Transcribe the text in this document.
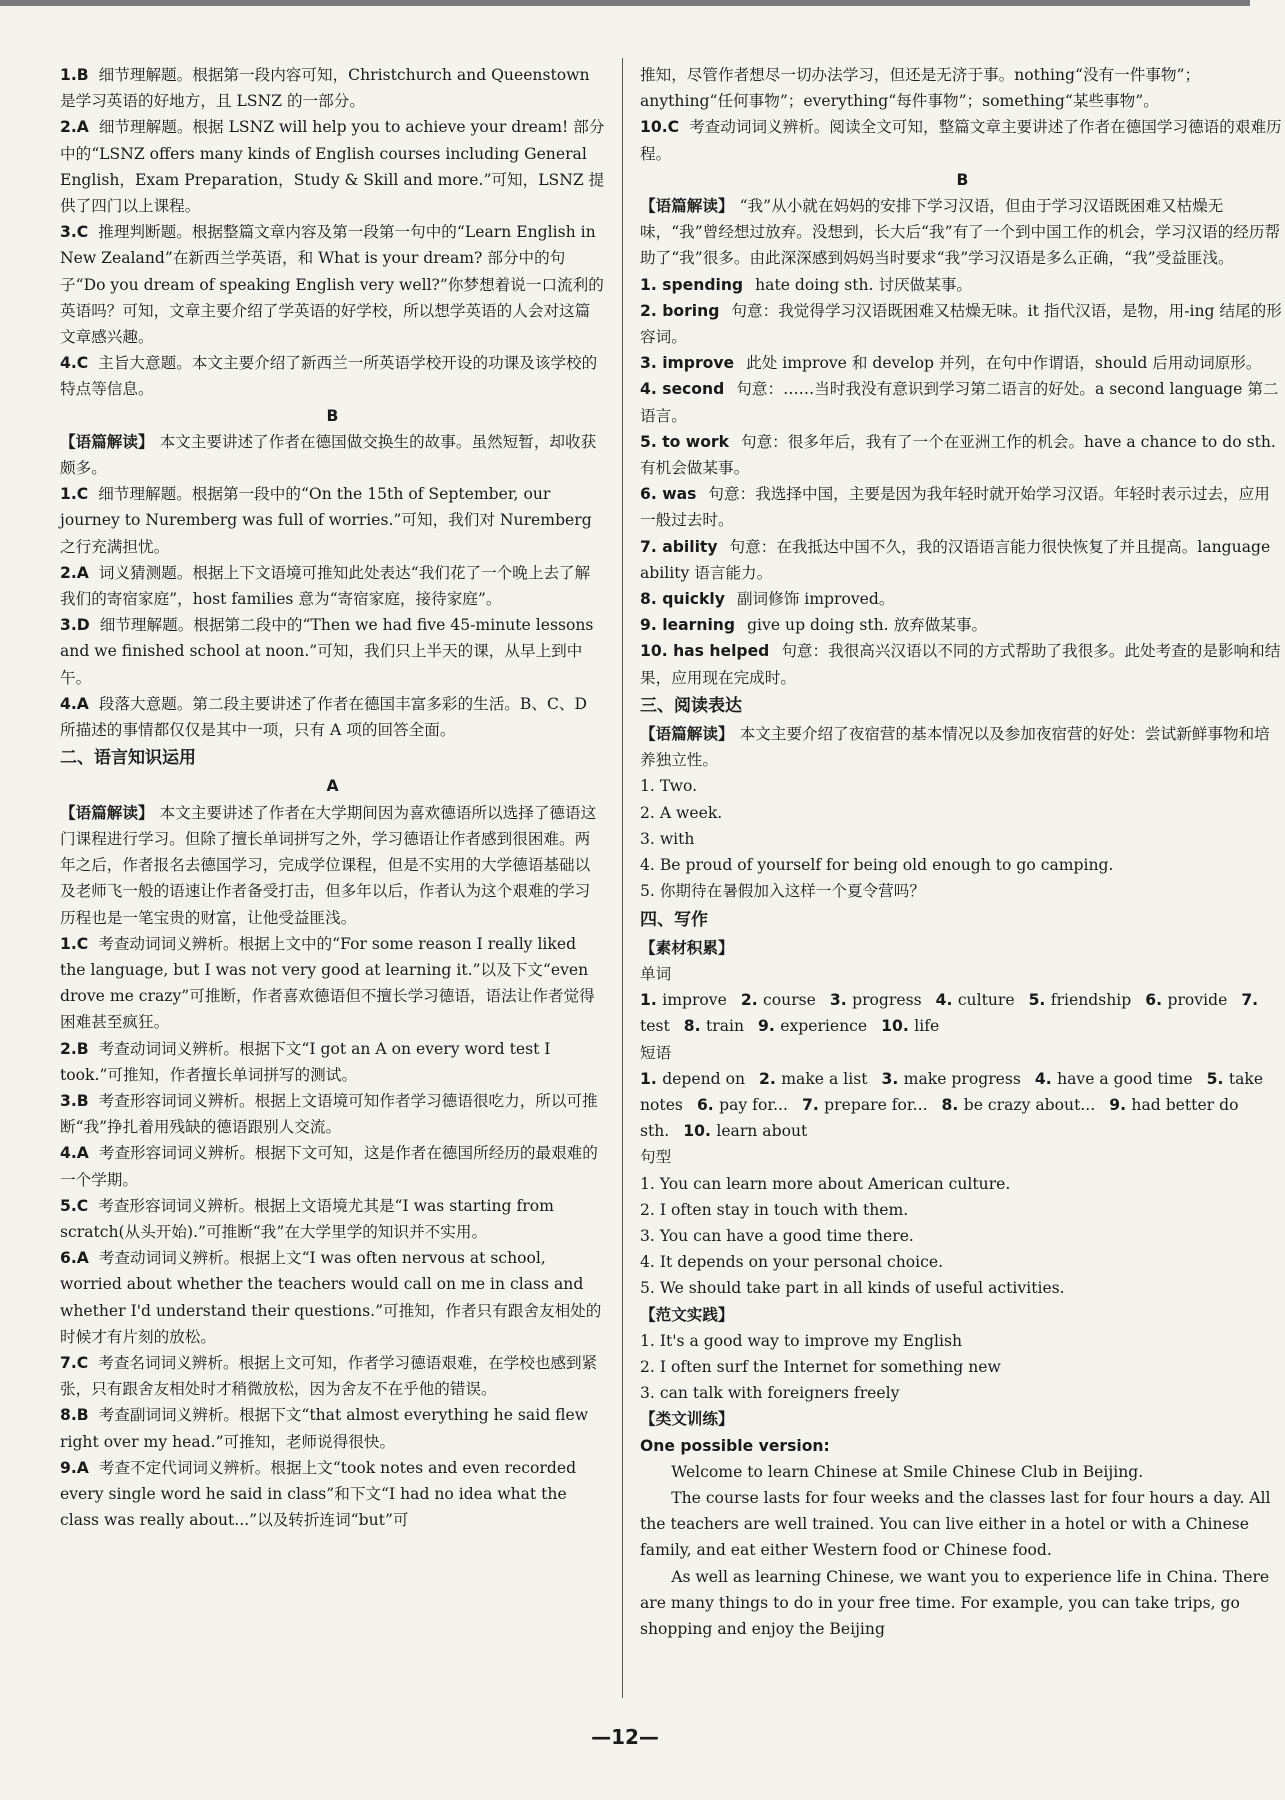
1.B 细节理解题。根据第一段内容可知，Christchurch and Queenstown 是学习英语的好地方，且 LSNZ 的一部分。

2.A 细节理解题。根据 LSNZ will help you to achieve your dream! 部分中的“LSNZ offers many kinds of English courses including General English，Exam Preparation，Study & Skill and more.”可知，LSNZ 提供了四门以上课程。

3.C 推理判断题。根据整篇文章内容及第一段第一句中的“Learn English in New Zealand”在新西兰学英语，和 What is your dream? 部分中的句子“Do you dream of speaking English very well?”你梦想着说一口流利的英语吗？可知，文章主要介绍了学英语的好学校，所以想学英语的人会对这篇文章感兴趣。

4.C 主旨大意题。本文主要介绍了新西兰一所英语学校开设的功课及该学校的特点等信息。

B

【语篇解读】 本文主要讲述了作者在德国做交换生的故事。虽然短暂，却收获颇多。

1.C 细节理解题。根据第一段中的“On the 15th of September, our journey to Nuremberg was full of worries.”可知，我们对 Nuremberg 之行充满担忧。

2.A 词义猜测题。根据上下文语境可推知此处表达“我们花了一个晚上去了解我们的寄宿家庭”，host families 意为“寄宿家庭，接待家庭”。

3.D 细节理解题。根据第二段中的“Then we had five 45-minute lessons and we finished school at noon.”可知，我们只上半天的课，从早上到中午。

4.A 段落大意题。第二段主要讲述了作者在德国丰富多彩的生活。B、C、D 所描述的事情都仅仅是其中一项，只有 A 项的回答全面。

二、语言知识运用

A

【语篇解读】 本文主要讲述了作者在大学期间因为喜欢德语所以选择了德语这门课程进行学习。但除了擅长单词拼写之外，学习德语让作者感到很困难。两年之后，作者报名去德国学习，完成学位课程，但是不实用的大学德语基础以及老师飞一般的语速让作者备受打击，但多年以后，作者认为这个艰难的学习历程也是一笔宝贵的财富，让他受益匪浅。

1.C 考查动词词义辨析。根据上文中的“For some reason I really liked the language, but I was not very good at learning it.”以及下文“even drove me crazy”可推断，作者喜欢德语但不擅长学习德语，语法让作者觉得困难甚至疯狂。

2.B 考查动词词义辨析。根据下文“I got an A on every word test I took.”可推知，作者擅长单词拼写的测试。

3.B 考查形容词词义辨析。根据上文语境可知作者学习德语很吃力，所以可推断“我”挣扎着用残缺的德语跟别人交流。

4.A 考查形容词词义辨析。根据下文可知，这是作者在德国所经历的最艰难的一个学期。

5.C 考查形容词词义辨析。根据上文语境尤其是“I was starting from scratch(从头开始).”可推断“我”在大学里学的知识并不实用。

6.A 考查动词词义辨析。根据上文“I was often nervous at school, worried about whether the teachers would call on me in class and whether I'd understand their questions.”可推知，作者只有跟舍友相处的时候才有片刻的放松。

7.C 考查名词词义辨析。根据上文可知，作者学习德语艰难，在学校也感到紧张，只有跟舍友相处时才稍微放松，因为舍友不在乎他的错误。

8.B 考查副词词义辨析。根据下文“that almost everything he said flew right over my head.”可推知，老师说得很快。

9.A 考查不定代词词义辨析。根据上文“took notes and even recorded every single word he said in class”和下文“I had no idea what the class was really about...”以及转折连词“but”可

推知，尽管作者想尽一切办法学习，但还是无济于事。nothing“没有一件事物”；anything“任何事物”；everything“每件事物”；something“某些事物”。

10.C 考查动词词义辨析。阅读全文可知，整篇文章主要讲述了作者在德国学习德语的艰难历程。

B

【语篇解读】 “我”从小就在妈妈的安排下学习汉语，但由于学习汉语既困难又枯燥无味，“我”曾经想过放弃。没想到，长大后“我”有了一个到中国工作的机会，学习汉语的经历帮助了“我”很多。由此深深感到妈妈当时要求“我”学习汉语是多么正确，“我”受益匪浅。

1. spending hate doing sth. 讨厌做某事。

2. boring 句意：我觉得学习汉语既困难又枯燥无味。it 指代汉语，是物，用-ing 结尾的形容词。

3. improve 此处 improve 和 develop 并列，在句中作谓语，should 后用动词原形。

4. second 句意：……当时我没有意识到学习第二语言的好处。a second language 第二语言。

5. to work 句意：很多年后，我有了一个在亚洲工作的机会。have a chance to do sth. 有机会做某事。

6. was 句意：我选择中国，主要是因为我年轻时就开始学习汉语。年轻时表示过去，应用一般过去时。

7. ability 句意：在我抵达中国不久，我的汉语语言能力很快恢复了并且提高。language ability 语言能力。

8. quickly 副词修饰 improved。

9. learning give up doing sth. 放弃做某事。

10. has helped 句意：我很高兴汉语以不同的方式帮助了我很多。此处考查的是影响和结果，应用现在完成时。

三、阅读表达

【语篇解读】 本文主要介绍了夜宿营的基本情况以及参加夜宿营的好处：尝试新鲜事物和培养独立性。

1. Two.

2. A week.

3. with

4. Be proud of yourself for being old enough to go camping.

5. 你期待在暑假加入这样一个夏令营吗？

四、写作

【素材积累】

单词

1. improve 2. course 3. progress 4. culture 5. friendship 6. provide 7. test 8. train 9. experience 10. life

短语

1. depend on 2. make a list 3. make progress 4. have a good time 5. take notes 6. pay for... 7. prepare for... 8. be crazy about... 9. had better do sth. 10. learn about

句型

1. You can learn more about American culture.

2. I often stay in touch with them.

3. You can have a good time there.

4. It depends on your personal choice.

5. We should take part in all kinds of useful activities.

【范文实践】

1. It's a good way to improve my English

2. I often surf the Internet for something new

3. can talk with foreigners freely

【类文训练】

One possible version:

Welcome to learn Chinese at Smile Chinese Club in Beijing.

The course lasts for four weeks and the classes last for four hours a day. All the teachers are well trained. You can live either in a hotel or with a Chinese family, and eat either Western food or Chinese food.

As well as learning Chinese, we want you to experience life in China. There are many things to do in your free time. For example, you can take trips, go shopping and enjoy the Beijing

—12—
